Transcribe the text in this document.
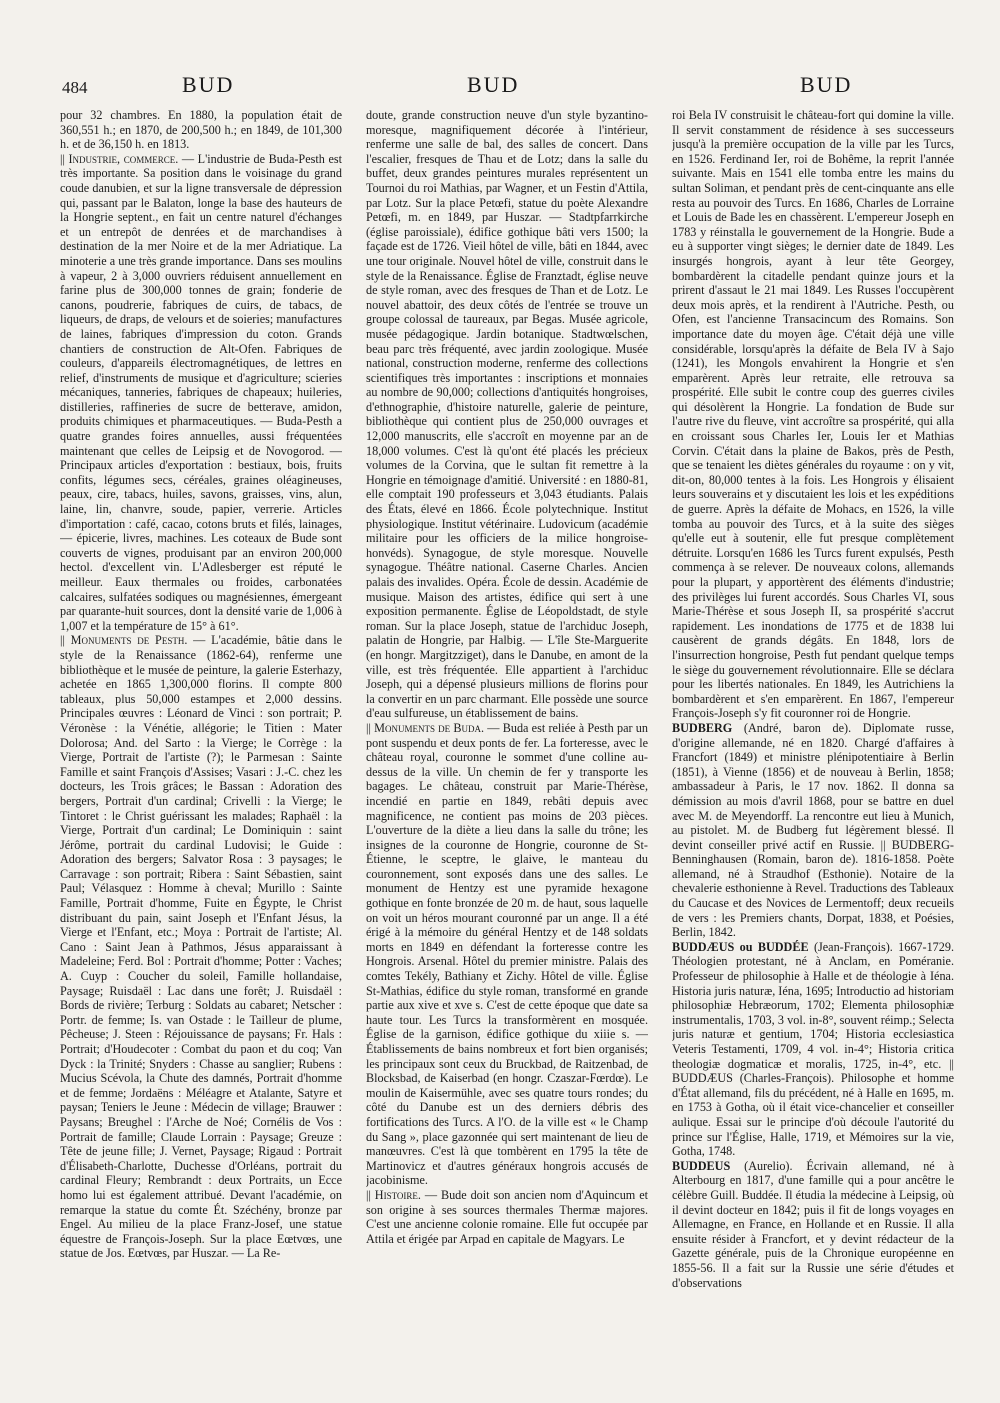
484	BUD	BUD	BUD

pour 32 chambres. En 1880, la population était de 360,551 h.; en 1870, de 200,500 h.; en 1849, de 101,300 h. et de 36,150 h. en 1813.

|| Industrie, commerce. — L'industrie de Buda-Pesth est très importante. Sa position dans le voisinage du grand coude danubien, et sur la ligne transversale de dépression qui, passant par le Balaton, longe la base des hauteurs de la Hongrie septent., en fait un centre naturel d'échanges et un entrepôt de denrées et de marchandises à destination de la mer Noire et de la mer Adriatique. La minoterie a une très grande importance. Dans ses moulins à vapeur, 2 à 3,000 ouvriers réduisent annuellement en farine plus de 300,000 tonnes de grain; fonderie de canons, poudrerie, fabriques de cuirs, de tabacs, de liqueurs, de draps, de velours et de soieries; manufactures de laines, fabriques d'impression du coton. Grands chantiers de construction de Alt-Ofen. Fabriques de couleurs, d'appareils électromagnétiques, de lettres en relief, d'instruments de musique et d'agriculture; scieries mécaniques, tanneries, fabriques de chapeaux; huileries, distilleries, raffineries de sucre de betterave, amidon, produits chimiques et pharmaceutiques. — Buda-Pesth a quatre grandes foires annuelles, aussi fréquentées maintenant que celles de Leipsig et de Novogorod. — Principaux articles d'exportation : bestiaux, bois, fruits confits, légumes secs, céréales, graines oléagineuses, peaux, cire, tabacs, huiles, savons, graisses, vins, alun, laine, lin, chanvre, soude, papier, verrerie. Articles d'importation : café, cacao, cotons bruts et filés, lainages, — épicerie, livres, machines. Les coteaux de Bude sont couverts de vignes, produisant par an environ 200,000 hectol. d'excellent vin. L'Adlesberger est réputé le meilleur. Eaux thermales ou froides, carbonatées calcaires, sulfatées sodiques ou magnésiennes, émergeant par quarante-huit sources, dont la densité varie de 1,006 à 1,007 et la température de 15° à 61°.

|| Monuments de Pesth. — L'académie, bâtie dans le style de la Renaissance (1862-64), renferme une bibliothèque et le musée de peinture, la galerie Esterhazy, achetée en 1865 1,300,000 florins. Il compte 800 tableaux, plus 50,000 estampes et 2,000 dessins. Principales œuvres : Léonard de Vinci : son portrait; P. Véronèse : la Vénétie, allégorie; le Titien : Mater Dolorosa; And. del Sarto : la Vierge; le Corrège : la Vierge, Portrait de l'artiste (?); le Parmesan : Sainte Famille et saint François d'Assises; Vasari : J.-C. chez les docteurs, les Trois grâces; le Bassan : Adoration des bergers, Portrait d'un cardinal; Crivelli : la Vierge; le Tintoret : le Christ guérissant les malades; Raphaël : la Vierge, Portrait d'un cardinal; Le Dominiquin : saint Jérôme, portrait du cardinal Ludovisi; le Guide : Adoration des bergers; Salvator Rosa : 3 paysages; le Carravage : son portrait; Ribera : Saint Sébastien, saint Paul; Vélasquez : Homme à cheval; Murillo : Sainte Famille, Portrait d'homme, Fuite en Égypte, le Christ distribuant du pain, saint Joseph et l'Enfant Jésus, la Vierge et l'Enfant, etc.; Moya : Portrait de l'artiste; Al. Cano : Saint Jean à Pathmos, Jésus apparaissant à Madeleine; Ferd. Bol : Portrait d'homme; Potter : Vaches; A. Cuyp : Coucher du soleil, Famille hollandaise, Paysage; Ruisdaël : Lac dans une forêt; J. Ruisdaël : Bords de rivière; Terburg : Soldats au cabaret; Netscher : Portr. de femme; Is. van Ostade : le Tailleur de plume, Pêcheuse; J. Steen : Réjouissance de paysans; Fr. Hals : Portrait; d'Houdecoter : Combat du paon et du coq; Van Dyck : la Trinité; Snyders : Chasse au sanglier; Rubens : Mucius Scévola, la Chute des damnés, Portrait d'homme et de femme; Jordaëns : Méléagre et Atalante, Satyre et paysan; Teniers le Jeune : Médecin de village; Brauwer : Paysans; Breughel : l'Arche de Noé; Cornélis de Vos : Portrait de famille; Claude Lorrain : Paysage; Greuze : Tête de jeune fille; J. Vernet, Paysage; Rigaud : Portrait d'Élisabeth-Charlotte, Duchesse d'Orléans, portrait du cardinal Fleury; Rembrandt : deux Portraits, un Ecce homo lui est également attribué. Devant l'académie, on remarque la statue du comte Ét. Széchény, bronze par Engel. Au milieu de la place Franz-Josef, une statue équestre de François-Joseph. Sur la place Eœtvœs, une statue de Jos. Eœtvœs, par Huszar. — La Re-

doute, grande construction neuve d'un style byzantino-moresque, magnifiquement décorée à l'intérieur, renferme une salle de bal, des salles de concert. Dans l'escalier, fresques de Thau et de Lotz; dans la salle du buffet, deux grandes peintures murales représentent un Tournoi du roi Mathias, par Wagner, et un Festin d'Attila, par Lotz. Sur la place Petœfi, statue du poète Alexandre Petœfi, m. en 1849, par Huszar. — Stadtpfarrkirche (église paroissiale), édifice gothique bâti vers 1500; la façade est de 1726. Vieil hôtel de ville, bâti en 1844, avec une tour originale. Nouvel hôtel de ville, construit dans le style de la Renaissance. Église de Franztadt, église neuve de style roman, avec des fresques de Than et de Lotz. Le nouvel abattoir, des deux côtés de l'entrée se trouve un groupe colossal de taureaux, par Begas. Musée agricole, musée pédagogique. Jardin botanique. Stadtwœlschen, beau parc très fréquenté, avec jardin zoologique. Musée national, construction moderne, renferme des collections scientifiques très importantes : inscriptions et monnaies au nombre de 90,000; collections d'antiquités hongroises, d'ethnographie, d'histoire naturelle, galerie de peinture, bibliothèque qui contient plus de 250,000 ouvrages et 12,000 manuscrits, elle s'accroît en moyenne par an de 18,000 volumes. C'est là qu'ont été placés les précieux volumes de la Corvina, que le sultan fit remettre à la Hongrie en témoignage d'amitié. Université : en 1880-81, elle comptait 190 professeurs et 3,043 étudiants. Palais des États, élevé en 1866. École polytechnique. Institut physiologique. Institut vétérinaire. Ludovicum (académie militaire pour les officiers de la milice hongroise-honvéds). Synagogue, de style moresque. Nouvelle synagogue. Théâtre national. Caserne Charles. Ancien palais des invalides. Opéra. École de dessin. Académie de musique. Maison des artistes, édifice qui sert à une exposition permanente. Église de Léopoldstadt, de style roman. Sur la place Joseph, statue de l'archiduc Joseph, palatin de Hongrie, par Halbig. — L'île Ste-Marguerite (en hongr. Margitzziget), dans le Danube, en amont de la ville, est très fréquentée. Elle appartient à l'archiduc Joseph, qui a dépensé plusieurs millions de florins pour la convertir en un parc charmant. Elle possède une source d'eau sulfureuse, un établissement de bains.

|| Monuments de Buda. — Buda est reliée à Pesth par un pont suspendu et deux ponts de fer. La forteresse, avec le château royal, couronne le sommet d'une colline au-dessus de la ville. Un chemin de fer y transporte les bagages. Le château, construit par Marie-Thérèse, incendié en partie en 1849, rebâti depuis avec magnificence, ne contient pas moins de 203 pièces. L'ouverture de la diète a lieu dans la salle du trône; les insignes de la couronne de Hongrie, couronne de St-Étienne, le sceptre, le glaive, le manteau du couronnement, sont exposés dans une des salles. Le monument de Hentzy est une pyramide hexagone gothique en fonte bronzée de 20 m. de haut, sous laquelle on voit un héros mourant couronné par un ange. Il a été érigé à la mémoire du général Hentzy et de 148 soldats morts en 1849 en défendant la forteresse contre les Hongrois. Arsenal. Hôtel du premier ministre. Palais des comtes Tekély, Bathiany et Zichy. Hôtel de ville. Église St-Mathias, édifice du style roman, transformé en grande partie aux xive et xve s. C'est de cette époque que date sa haute tour. Les Turcs la transformèrent en mosquée. Église de la garnison, édifice gothique du xiiie s. — Établissements de bains nombreux et fort bien organisés; les principaux sont ceux du Bruckbad, de Raitzenbad, de Blocksbad, de Kaiserbad (en hongr. Czaszar-Fœrdœ). Le moulin de Kaisermühle, avec ses quatre tours rondes; du côté du Danube est un des derniers débris des fortifications des Turcs. A l'O. de la ville est « le Champ du Sang », place gazonnée qui sert maintenant de lieu de manœuvres. C'est là que tombèrent en 1795 la tête de Martinovicz et d'autres généraux hongrois accusés de jacobinisme.

|| Histoire. — Bude doit son ancien nom d'Aquincum et son origine à ses sources thermales Thermæ majores. C'est une ancienne colonie romaine. Elle fut occupée par Attila et érigée par Arpad en capitale de Magyars. Le

roi Bela IV construisit le château-fort qui domine la ville. Il servit constamment de résidence à ses successeurs jusqu'à la première occupation de la ville par les Turcs, en 1526. Ferdinand Ier, roi de Bohême, la reprit l'année suivante. Mais en 1541 elle tomba entre les mains du sultan Soliman, et pendant près de cent-cinquante ans elle resta au pouvoir des Turcs. En 1686, Charles de Lorraine et Louis de Bade les en chassèrent. L'empereur Joseph en 1783 y réinstalla le gouvernement de la Hongrie. Bude a eu à supporter vingt sièges; le dernier date de 1849. Les insurgés hongrois, ayant à leur tête Georgey, bombardèrent la citadelle pendant quinze jours et la prirent d'assaut le 21 mai 1849. Les Russes l'occupèrent deux mois après, et la rendirent à l'Autriche. Pesth, ou Ofen, est l'ancienne Transacincum des Romains. Son importance date du moyen âge. C'était déjà une ville considérable, lorsqu'après la défaite de Bela IV à Sajo (1241), les Mongols envahirent la Hongrie et s'en emparèrent. Après leur retraite, elle retrouva sa prospérité. Elle subit le contre coup des guerres civiles qui désolèrent la Hongrie. La fondation de Bude sur l'autre rive du fleuve, vint accroître sa prospérité, qui alla en croissant sous Charles Ier, Louis Ier et Mathias Corvin. C'était dans la plaine de Bakos, près de Pesth, que se tenaient les diètes générales du royaume : on y vit, dit-on, 80,000 tentes à la fois. Les Hongrois y élisaient leurs souverains et y discutaient les lois et les expéditions de guerre. Après la défaite de Mohacs, en 1526, la ville tomba au pouvoir des Turcs, et à la suite des sièges qu'elle eut à soutenir, elle fut presque complètement détruite. Lorsqu'en 1686 les Turcs furent expulsés, Pesth commença à se relever. De nouveaux colons, allemands pour la plupart, y apportèrent des éléments d'industrie; des privilèges lui furent accordés. Sous Charles VI, sous Marie-Thérèse et sous Joseph II, sa prospérité s'accrut rapidement. Les inondations de 1775 et de 1838 lui causèrent de grands dégâts. En 1848, lors de l'insurrection hongroise, Pesth fut pendant quelque temps le siège du gouvernement révolutionnaire. Elle se déclara pour les libertés nationales. En 1849, les Autrichiens la bombardèrent et s'en emparèrent. En 1867, l'empereur François-Joseph s'y fit couronner roi de Hongrie.

BUDBERG (André, baron de). Diplomate russe, d'origine allemande, né en 1820. Chargé d'affaires à Francfort (1849) et ministre plénipotentiaire à Berlin (1851), à Vienne (1856) et de nouveau à Berlin, 1858; ambassadeur à Paris, le 17 nov. 1862. Il donna sa démission au mois d'avril 1868, pour se battre en duel avec M. de Meyendorff. La rencontre eut lieu à Munich, au pistolet. M. de Budberg fut légèrement blessé. Il devint conseiller privé actif en Russie. || BUDBERG-Benninghausen (Romain, baron de). 1816-1858. Poète allemand, né à Straudhof (Esthonie). Notaire de la chevalerie esthonienne à Revel. Traductions des Tableaux du Caucase et des Novices de Lermentoff; deux recueils de vers : les Premiers chants, Dorpat, 1838, et Poésies, Berlin, 1842.

BUDDÆUS ou BUDDÉE (Jean-François). 1667-1729. Théologien protestant, né à Anclam, en Poméranie. Professeur de philosophie à Halle et de théologie à Iéna. Historia juris naturæ, Iéna, 1695; Introductio ad historiam philosophiæ Hebræorum, 1702; Elementa philosophiæ instrumentalis, 1703, 3 vol. in-8°, souvent réimp.; Selecta juris naturæ et gentium, 1704; Historia ecclesiastica Veteris Testamenti, 1709, 4 vol. in-4°; Historia critica theologiæ dogmaticæ et moralis, 1725, in-4°, etc. || BUDDÆUS (Charles-François). Philosophe et homme d'État allemand, fils du précédent, né à Halle en 1695, m. en 1753 à Gotha, où il était vice-chancelier et conseiller aulique. Essai sur le principe d'où découle l'autorité du prince sur l'Église, Halle, 1719, et Mémoires sur la vie, Gotha, 1748.

BUDDEUS (Aurelio). Écrivain allemand, né à Alterbourg en 1817, d'une famille qui a pour ancêtre le célèbre Guill. Buddée. Il étudia la médecine à Leipsig, où il devint docteur en 1842; puis il fit de longs voyages en Allemagne, en France, en Hollande et en Russie. Il alla ensuite résider à Francfort, et y devint rédacteur de la Gazette générale, puis de la Chronique européenne en 1855-56. Il a fait sur la Russie une série d'études et d'observations
